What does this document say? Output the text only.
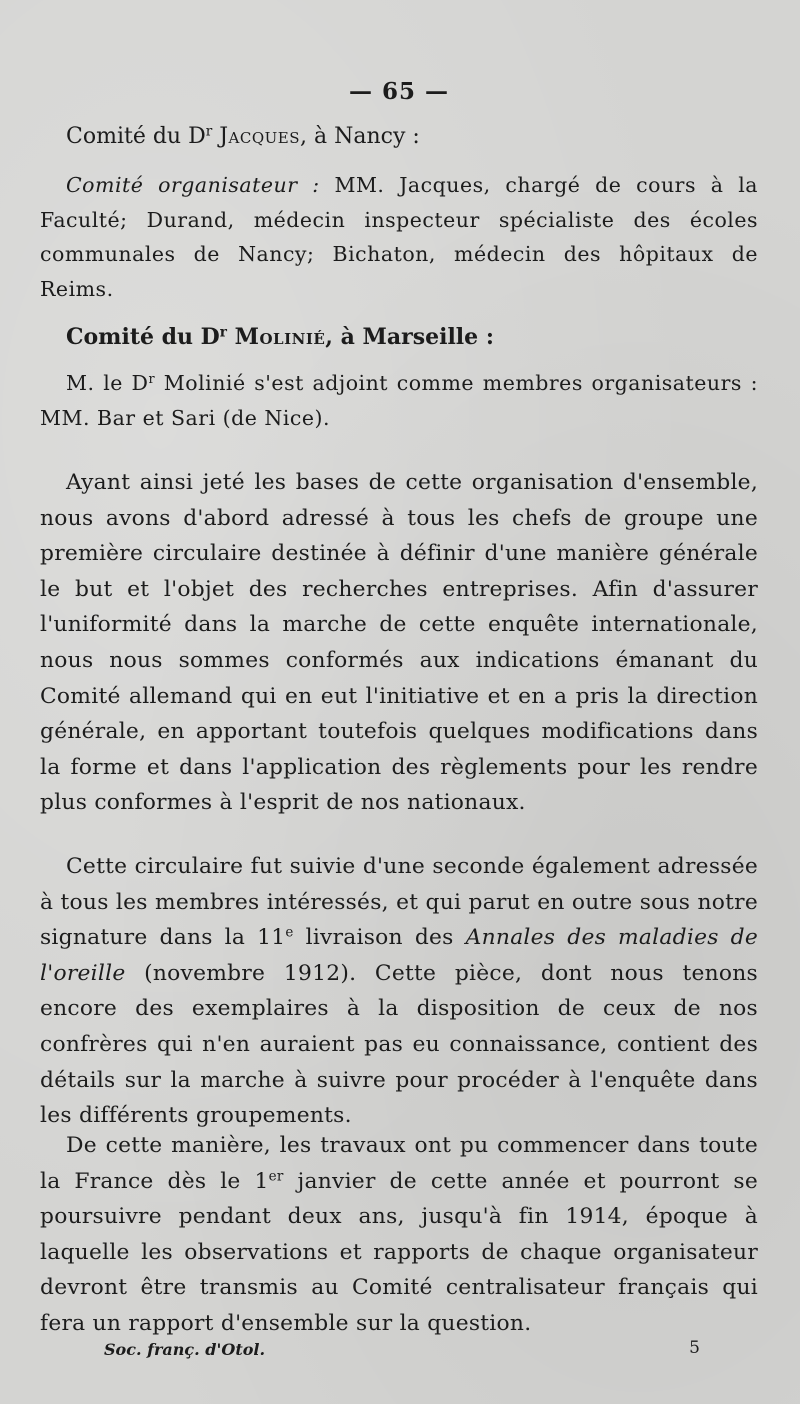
— 65 —
Comité du $D^r$ Jacques, à Nancy :
Comité organisateur : MM. Jacques, chargé de cours à la Faculté; Durand, médecin inspecteur spécialiste des écoles communales de Nancy; Bichaton, médecin des hôpitaux de Reims.
Comité du $D^r$ Molinié, à Marseille :
M. le $D^r$ Molinié s'est adjoint comme membres organisateurs : MM. Bar et Sari (de Nice).
Ayant ainsi jeté les bases de cette organisation d'ensemble, nous avons d'abord adressé à tous les chefs de groupe une première circulaire destinée à définir d'une manière générale le but et l'objet des recherches entreprises. Afin d'assurer l'uniformité dans la marche de cette enquête internationale, nous nous sommes conformés aux indications émanant du Comité allemand qui en eut l'initiative et en a pris la direction générale, en apportant toutefois quelques modifications dans la forme et dans l'application des règlements pour les rendre plus conformes à l'esprit de nos nationaux.
Cette circulaire fut suivie d'une seconde également adressée à tous les membres intéressés, et qui parut en outre sous notre signature dans la 11e livraison des Annales des maladies de l'oreille (novembre 1912). Cette pièce, dont nous tenons encore des exemplaires à la disposition de ceux de nos confrères qui n'en auraient pas eu connaissance, contient des détails sur la marche à suivre pour procéder à l'enquête dans les différents groupements.
De cette manière, les travaux ont pu commencer dans toute la France dès le 1er janvier de cette année et pourront se poursuivre pendant deux ans, jusqu'à fin 1914, époque à laquelle les observations et rapports de chaque organisateur devront être transmis au Comité centralisateur français qui fera un rapport d'ensemble sur la question.
Soc. franç. d'Otol.	5
